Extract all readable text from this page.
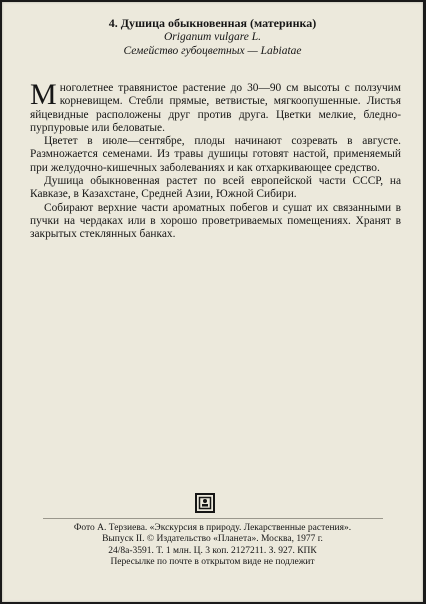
4. Душица обыкновенная (материнка)
Origanum vulgare L.
Семейство губоцветных — Labiatae

Многолетнее травянистое растение до 30—90 см высоты с ползучим корневищем. Стебли прямые, ветвистые, мягкоопушенные. Листья яйцевидные расположены друг против друга. Цветки мелкие, бледно-пурпуровые или беловатые.

Цветет в июле—сентябре, плоды начинают созревать в августе. Размножается семенами. Из травы душицы готовят настой, применяемый при желудочно-кишечных заболеваниях и как отхаркивающее средство.

Душица обыкновенная растет по всей европейской части СССР, на Кавказе, в Казахстане, Средней Азии, Южной Сибири.

Собирают верхние части ароматных побегов и сушат их связанными в пучки на чердаках или в хорошо проветриваемых помещениях. Хранят в закрытых стеклянных банках.

Фото А. Терзиева. «Экскурсия в природу. Лекарственные растения».
Выпуск II. © Издательство «Планета». Москва, 1977 г.
24/8а-3591. Т. 1 млн. Ц. 3 коп. 2127211. З. 927. КПК
Пересылке по почте в открытом виде не подлежит
